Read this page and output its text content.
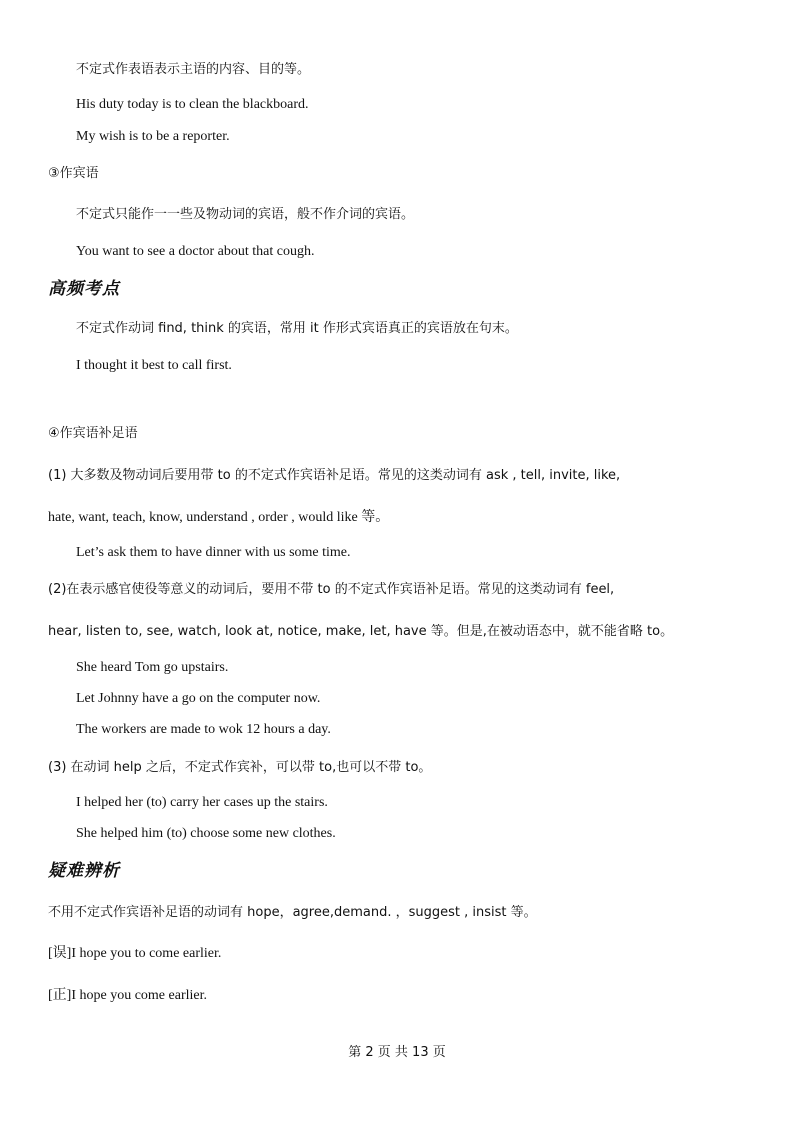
不定式作表语表示主语的内容、目的等。
His duty today is to clean the blackboard.
My wish is to be a reporter.
③作宾语
不定式只能作一一些及物动词的宾语，般不作介词的宾语。
You want to see a doctor about that cough.
高频考点
不定式作动词 find, think 的宾语，常用 it 作形式宾语真正的宾语放在句末。
I thought it best to call first.
④作宾语补足语
(1) 大多数及物动词后要用带 to 的不定式作宾语补足语。常见的这类动词有 ask , tell, invite, like,
hate, want, teach, know, understand , order , would like 等。
Let’s ask them to have dinner with us some time.
(2)在表示感官使役等意义的动词后，要用不带 to 的不定式作宾语补足语。常见的这类动词有 feel,
hear, listen to, see, watch, look at, notice, make, let, have 等。但是,在被动语态中，就不能省略 to。
She heard Tom go upstairs.
Let Johnny have a go on the computer now.
The workers are made to wok 12 hours a day.
(3) 在动词 help 之后，不定式作宾补，可以带 to,也可以不带 to。
I helped her (to) carry her cases up the stairs.
She helped him (to) choose some new clothes.
疑难辨析
不用不定式作宾语补足语的动词有 hope，agree,demand. ，suggest , insist 等。
[误]I hope you to come earlier.
[正]I hope you come earlier.
第 2 页 共 13 页
